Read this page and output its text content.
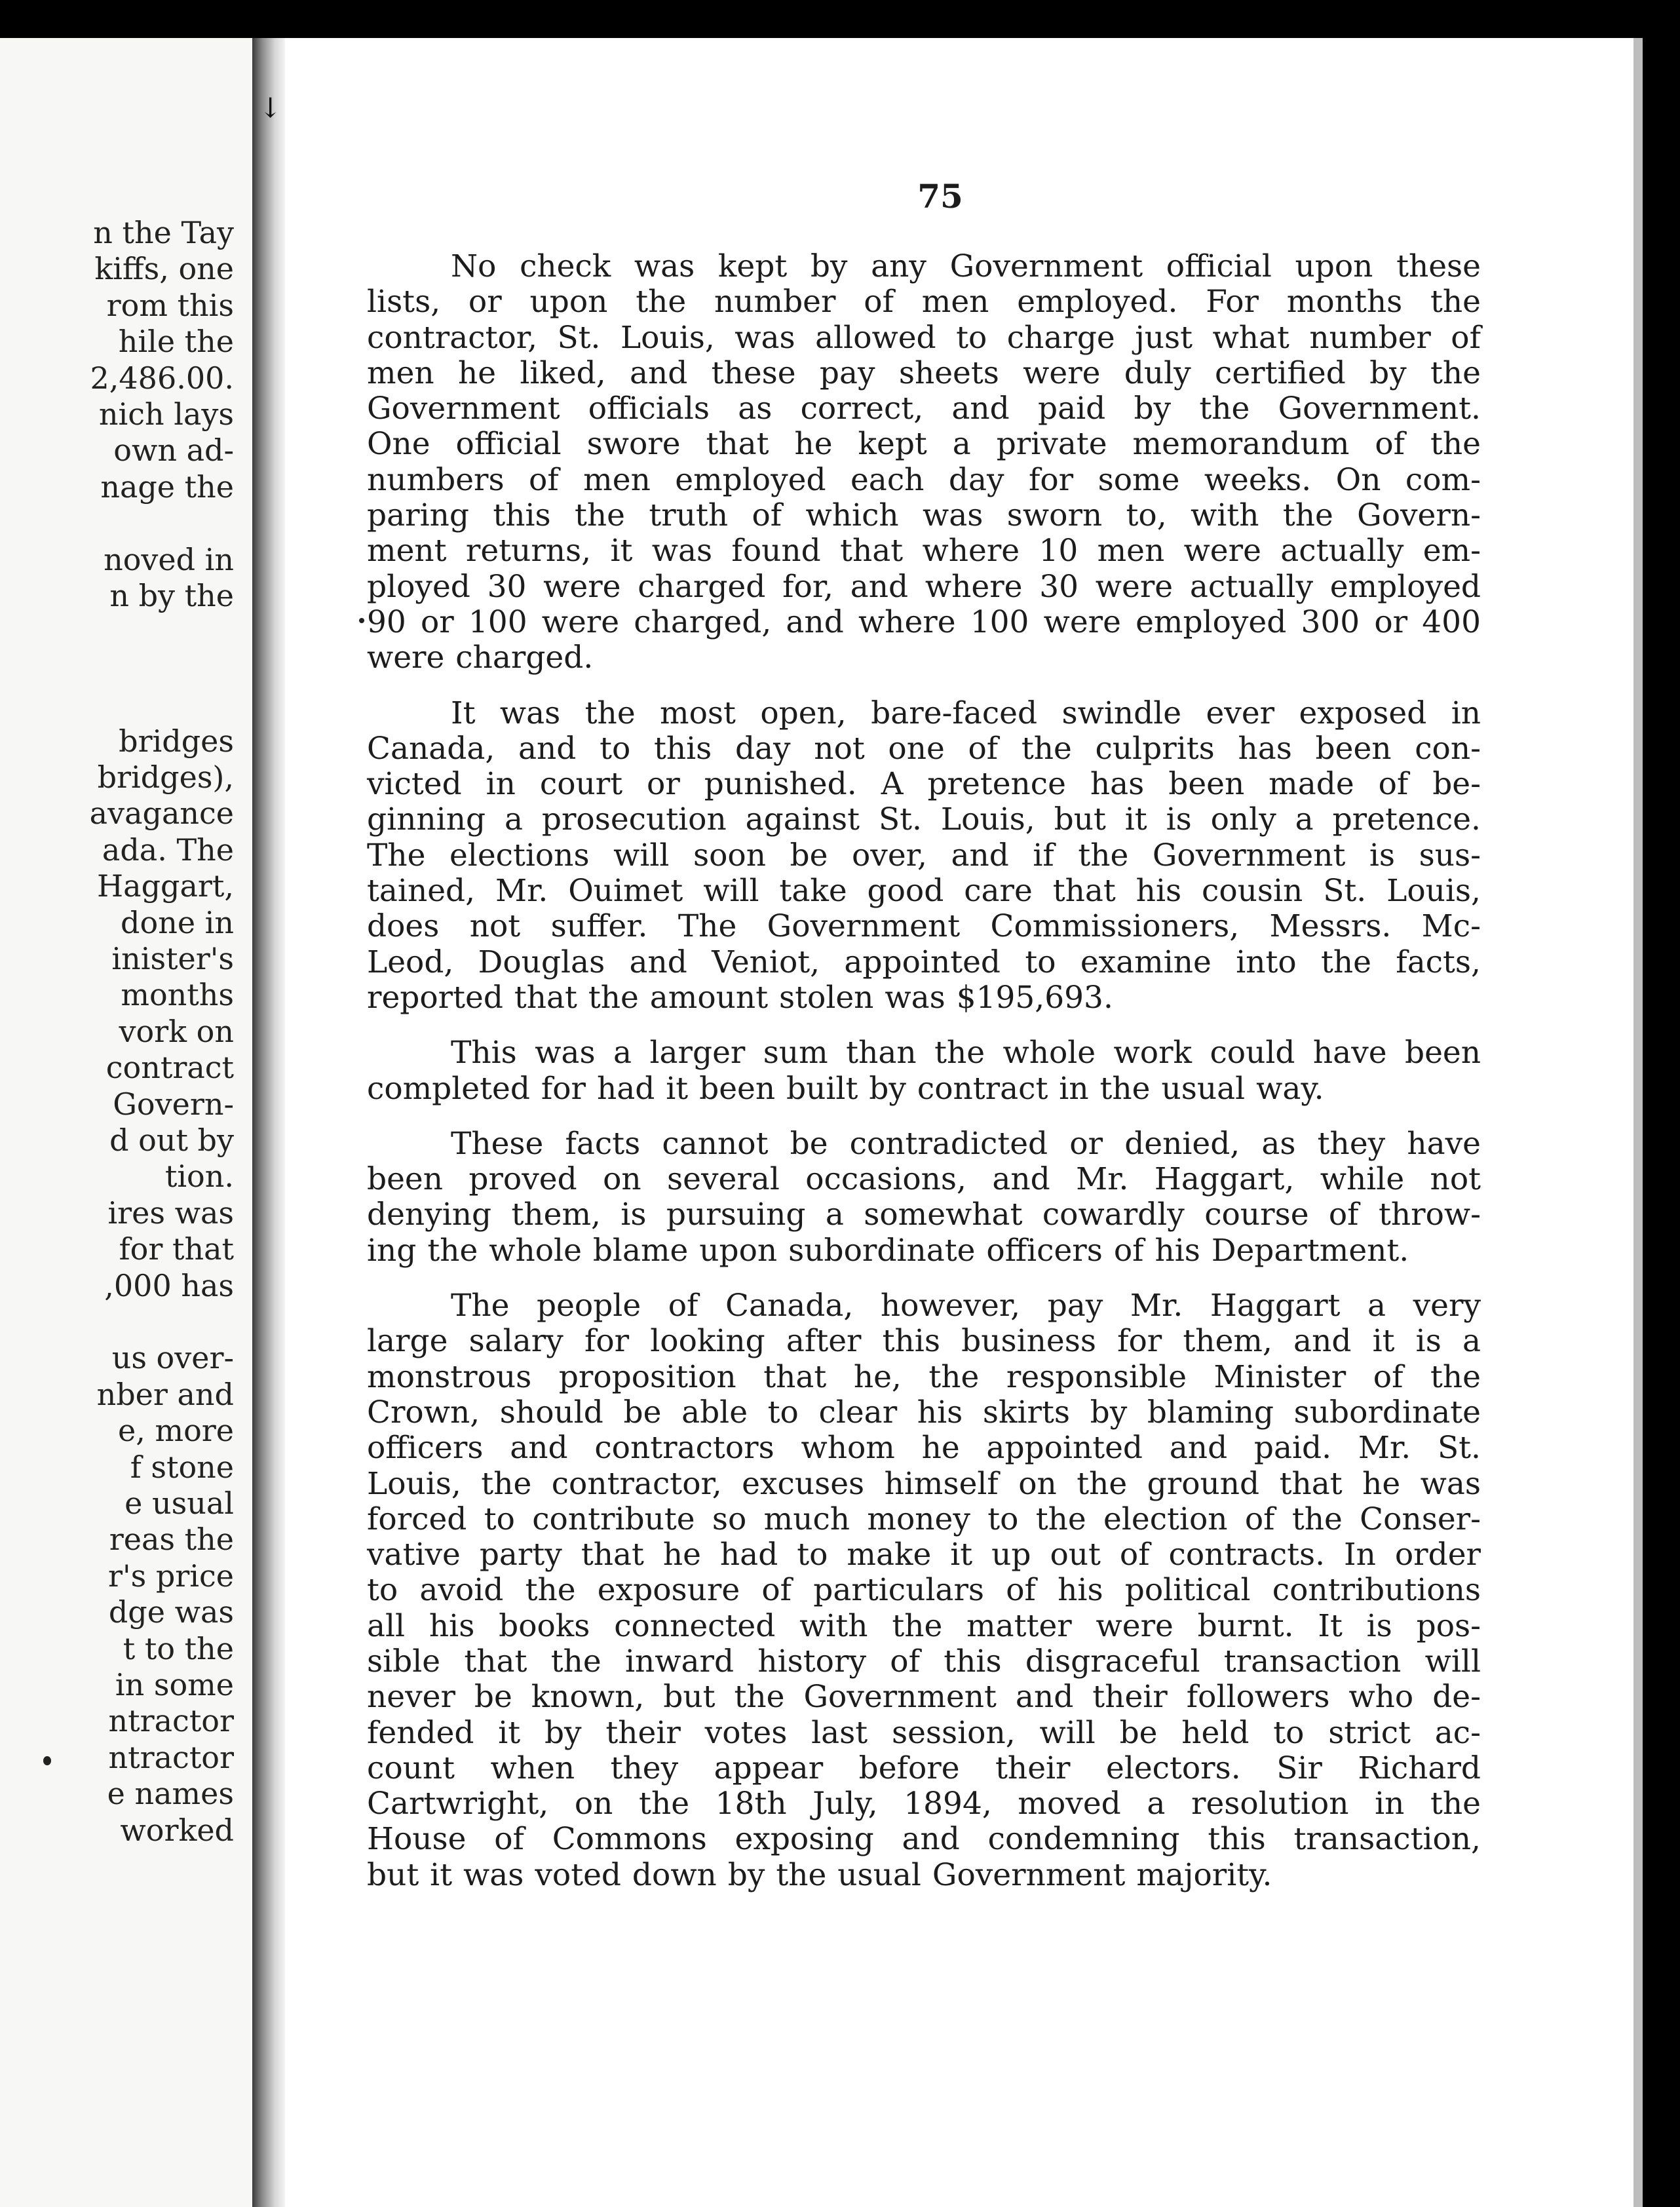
n the Tay
kiffs, one
rom this
hile the
2,486.00.
nich lays
own ad-
nage the
noved in
n by the
bridges
bridges),
avagance
ada. The
Haggart,
done in
inister's
months
vork on
contract
Govern-
d out by
tion.
ires was
for that
,000 has
us over-
nber and
e, more
f stone
e usual
reas the
r's price
dge was
t to the
in some
ntractor
ntractor
e names
worked
↓
75

No check was kept by any Government official upon these

lists, or upon the number of men employed. For months the

contractor, St. Louis, was allowed to charge just what number of

men he liked, and these pay sheets were duly certified by the

Government officials as correct, and paid by the Government.

One official swore that he kept a private memorandum of the

numbers of men employed each day for some weeks. On com-

paring this the truth of which was sworn to, with the Govern-

ment returns, it was found that where 10 men were actually em-

ployed 30 were charged for, and where 30 were actually employed

90 or 100 were charged, and where 100 were employed 300 or 400

were charged.

It was the most open, bare-faced swindle ever exposed in

Canada, and to this day not one of the culprits has been con-

victed in court or punished. A pretence has been made of be-

ginning a prosecution against St. Louis, but it is only a pretence.

The elections will soon be over, and if the Government is sus-

tained, Mr. Ouimet will take good care that his cousin St. Louis,

does not suffer. The Government Commissioners, Messrs. Mc-

Leod, Douglas and Veniot, appointed to examine into the facts,

reported that the amount stolen was $195,693.

This was a larger sum than the whole work could have been

completed for had it been built by contract in the usual way.

These facts cannot be contradicted or denied, as they have

been proved on several occasions, and Mr. Haggart, while not

denying them, is pursuing a somewhat cowardly course of throw-

ing the whole blame upon subordinate officers of his Department.

The people of Canada, however, pay Mr. Haggart a very

large salary for looking after this business for them, and it is a

monstrous proposition that he, the responsible Minister of the

Crown, should be able to clear his skirts by blaming subordinate

officers and contractors whom he appointed and paid. Mr. St.

Louis, the contractor, excuses himself on the ground that he was

forced to contribute so much money to the election of the Conser-

vative party that he had to make it up out of contracts. In order

to avoid the exposure of particulars of his political contributions

all his books connected with the matter were burnt. It is pos-

sible that the inward history of this disgraceful transaction will

never be known, but the Government and their followers who de-

fended it by their votes last session, will be held to strict ac-

count when they appear before their electors. Sir Richard

Cartwright, on the 18th July, 1894, moved a resolution in the

House of Commons exposing and condemning this transaction,

but it was voted down by the usual Government majority.
